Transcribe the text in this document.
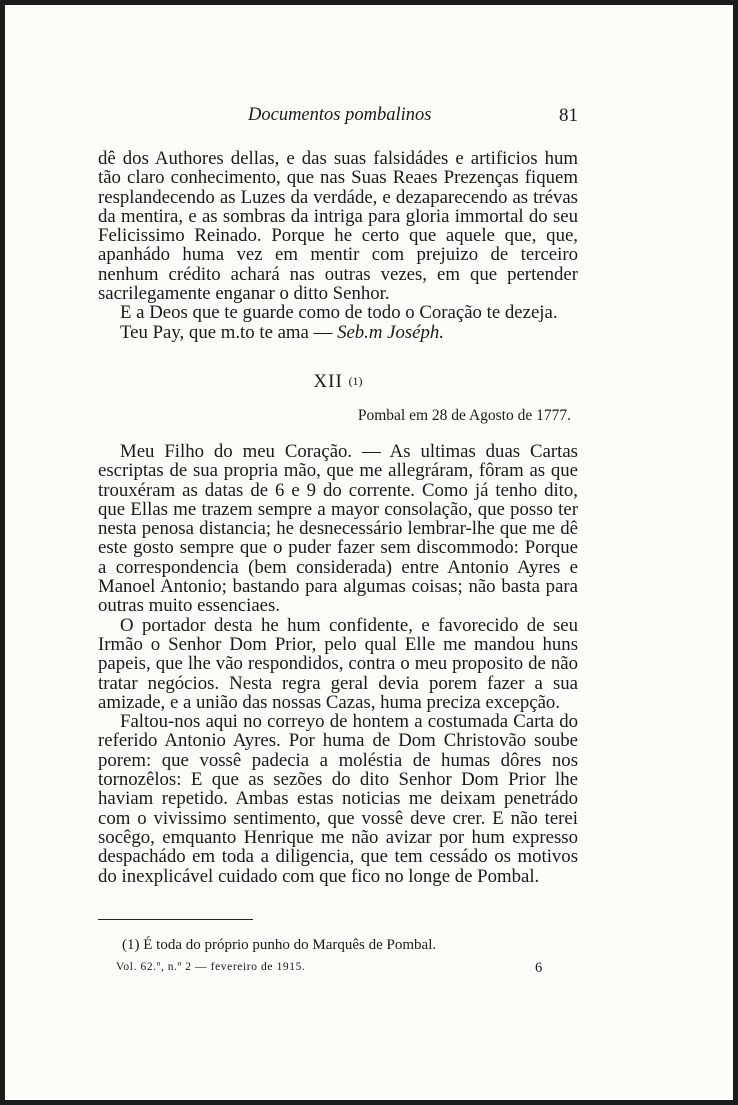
Documentos pombalinos	81

dê dos Authores dellas, e das suas falsidádes e artificios hum tão claro conhecimento, que nas Suas Reaes Prezenças fiquem resplandecendo as Luzes da verdáde, e dezaparecendo as trévas da mentira, e as sombras da intriga para gloria immortal do seu Felicissimo Reinado. Porque he certo que aquele que, que, apanhádo huma vez em mentir com prejuizo de terceiro nenhum crédito achará nas outras vezes, em que pertender sacrilegamente enganar o ditto Senhor.

E a Deos que te guarde como de todo o Coração te dezeja.

Teu Pay, que m.to te ama — Seb.m Joséph.

XII (1)
Pombal em 28 de Agosto de 1777.

Meu Filho do meu Coração. — As ultimas duas Cartas escriptas de sua propria mão, que me allegráram, fôram as que trouxéram as datas de 6 e 9 do corrente. Como já tenho dito, que Ellas me trazem sempre a mayor consolação, que posso ter nesta penosa distancia; he desnecessário lembrar-lhe que me dê este gosto sempre que o puder fazer sem discommodo: Porque a correspondencia (bem considerada) entre Antonio Ayres e Manoel Antonio; bastando para algumas coisas; não basta para outras muito essenciaes.

O portador desta he hum confidente, e favorecido de seu Irmão o Senhor Dom Prior, pelo qual Elle me mandou huns papeis, que lhe vão respondidos, contra o meu proposito de não tratar negócios. Nesta regra geral devia porem fazer a sua amizade, e a união das nossas Cazas, huma preciza excepção.

Faltou-nos aqui no correyo de hontem a costumada Carta do referido Antonio Ayres. Por huma de Dom Christovão soube porem: que vossê padecia a moléstia de humas dôres nos tornozêlos: E que as sezões do dito Senhor Dom Prior lhe haviam repetido. Ambas estas noticias me deixam penetrádo com o vivissimo sentimento, que vossê deve crer. E não terei socêgo, emquanto Henrique me não avizar por hum expresso despachádo em toda a diligencia, que tem cessádo os motivos do inexplicável cuidado com que fico no longe de Pombal.

(1) É toda do próprio punho do Marquês de Pombal.
Vol. 62.º, n.º 2 — fevereiro de 1915.	6
